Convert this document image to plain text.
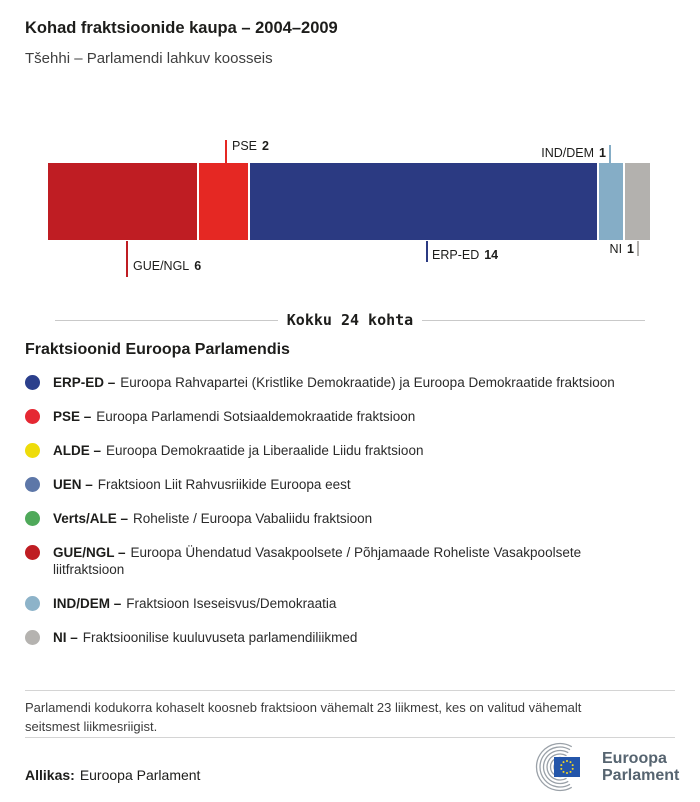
Kohad fraktsioonide kaupa – 2004–2009
Tšehhi – Parlamendi lahkuv koosseis
PSE 2	IND/DEM 1
GUE/NGL 6
ERP-ED 14	NI 1
Kokku 24 kohta
Fraktsioonid Euroopa Parlamendis
ERP-ED – Euroopa Rahvapartei (Kristlike Demokraatide) ja Euroopa Demokraatide fraktsioon
PSE – Euroopa Parlamendi Sotsiaaldemokraatide fraktsioon
ALDE – Euroopa Demokraatide ja Liberaalide Liidu fraktsioon
UEN – Fraktsioon Liit Rahvusriikide Euroopa eest
Verts/ALE – Roheliste / Euroopa Vabaliidu fraktsioon
GUE/NGL – Euroopa Ühendatud Vasakpoolsete / Põhjamaade Roheliste Vasakpoolsete liitfraktsioon
IND/DEM – Fraktsioon Iseseisvus/Demokraatia
NI – Fraktsioonilise kuuluvuseta parlamendiliikmed

Parlamendi kodukorra kohaselt koosneb fraktsioon vähemalt 23 liikmest, kes on valitud vähemalt seitsmest liikmesriigist.

Allikas: Euroopa Parlament
Euroopa
Parlament
